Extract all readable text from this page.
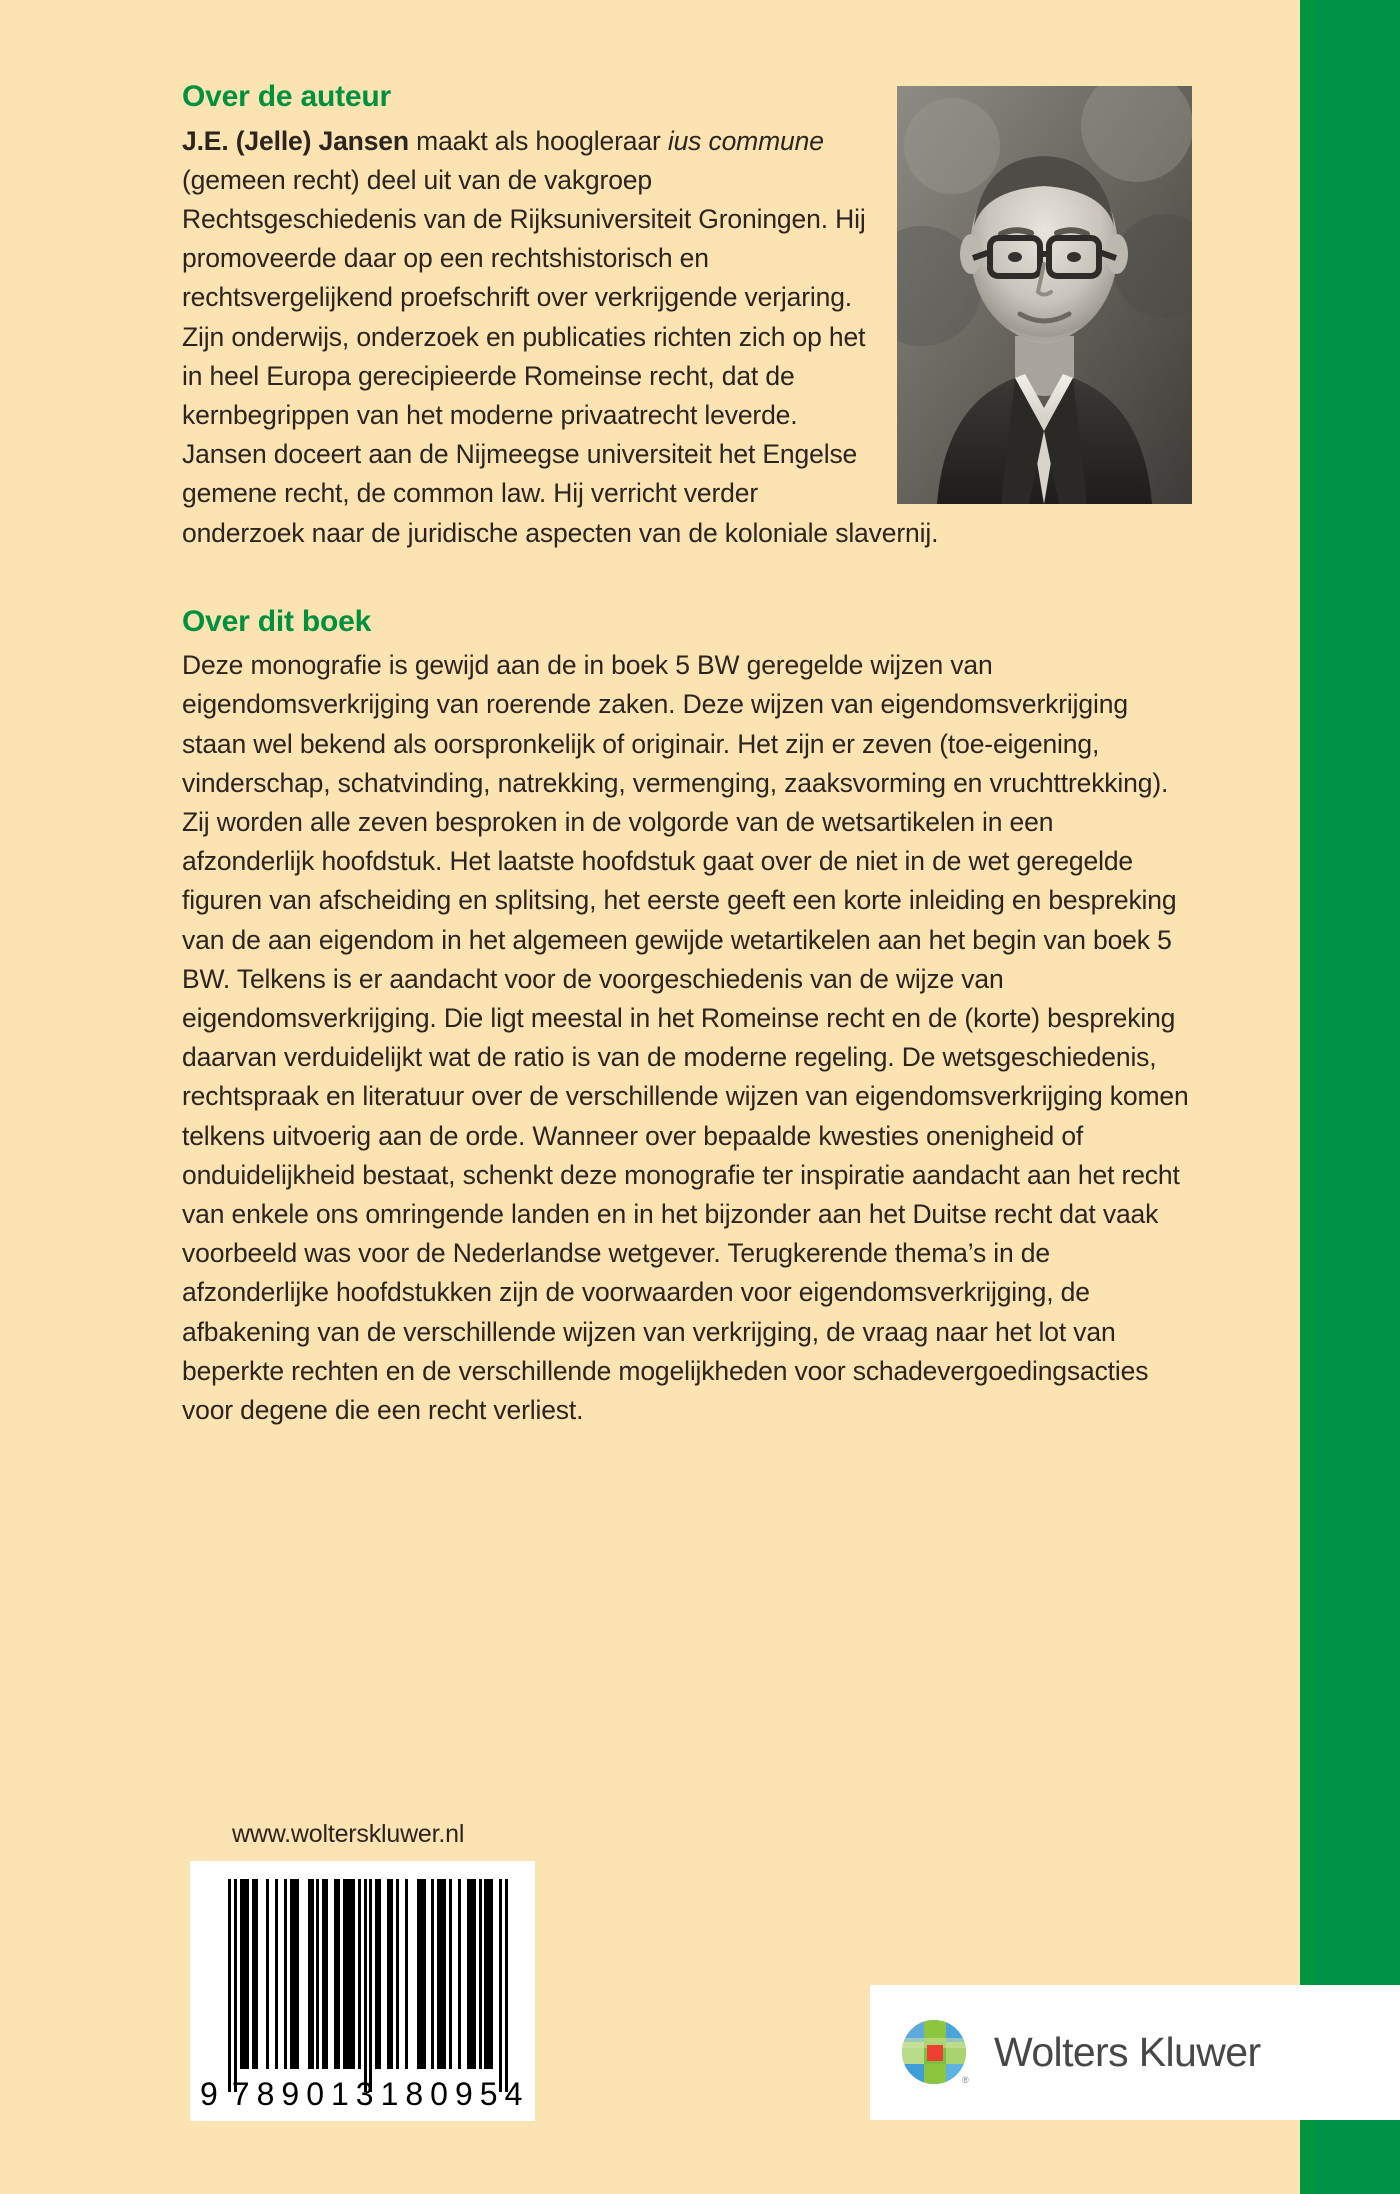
Over de auteur

J.E. (Jelle) Jansen maakt als hoogleraar ius commune (gemeen recht) deel uit van de vakgroep Rechtsgeschiedenis van de Rijksuniversiteit Groningen. Hij promoveerde daar op een rechtshistorisch en rechtsvergelijkend proefschrift over verkrijgende verjaring. Zijn onderwijs, onderzoek en publicaties richten zich op het in heel Europa gerecipieerde Romeinse recht, dat de kernbegrippen van het moderne privaatrecht leverde. Jansen doceert aan de Nijmeegse universiteit het Engelse gemene recht, de common law. Hij verricht verder onderzoek naar de juridische aspecten van de koloniale slavernij.

Over dit boek

Deze monografie is gewijd aan de in boek 5 BW geregelde wijzen van eigendomsverkrijging van roerende zaken. Deze wijzen van eigendomsverkrijging staan wel bekend als oorspronkelijk of originair. Het zijn er zeven (toe-eigening, vinderschap, schatvinding, natrekking, vermenging, zaaksvorming en vruchttrekking). Zij worden alle zeven besproken in de volgorde van de wetsartikelen in een afzonderlijk hoofdstuk. Het laatste hoofdstuk gaat over de niet in de wet geregelde figuren van afscheiding en splitsing, het eerste geeft een korte inleiding en bespreking van de aan eigendom in het algemeen gewijde wetartikelen aan het begin van boek 5 BW. Telkens is er aandacht voor de voorgeschiedenis van de wijze van eigendomsverkrijging. Die ligt meestal in het Romeinse recht en de (korte) bespreking daarvan verduidelijkt wat de ratio is van de moderne regeling. De wetsgeschiedenis, rechtspraak en literatuur over de verschillende wijzen van eigendomsverkrijging komen telkens uitvoerig aan de orde. Wanneer over bepaalde kwesties onenigheid of onduidelijkheid bestaat, schenkt deze monografie ter inspiratie aandacht aan het recht van enkele ons omringende landen en in het bijzonder aan het Duitse recht dat vaak voorbeeld was voor de Nederlandse wetgever. Terugkerende thema’s in de afzonderlijke hoofdstukken zijn de voorwaarden voor eigendomsverkrijging, de afbakening van de verschillende wijzen van verkrijging, de vraag naar het lot van beperkte rechten en de verschillende mogelijkheden voor schadevergoedingsacties voor degene die een recht verliest.

www.wolterskluwer.nl
9 789013 180954	®
Wolters Kluwer
